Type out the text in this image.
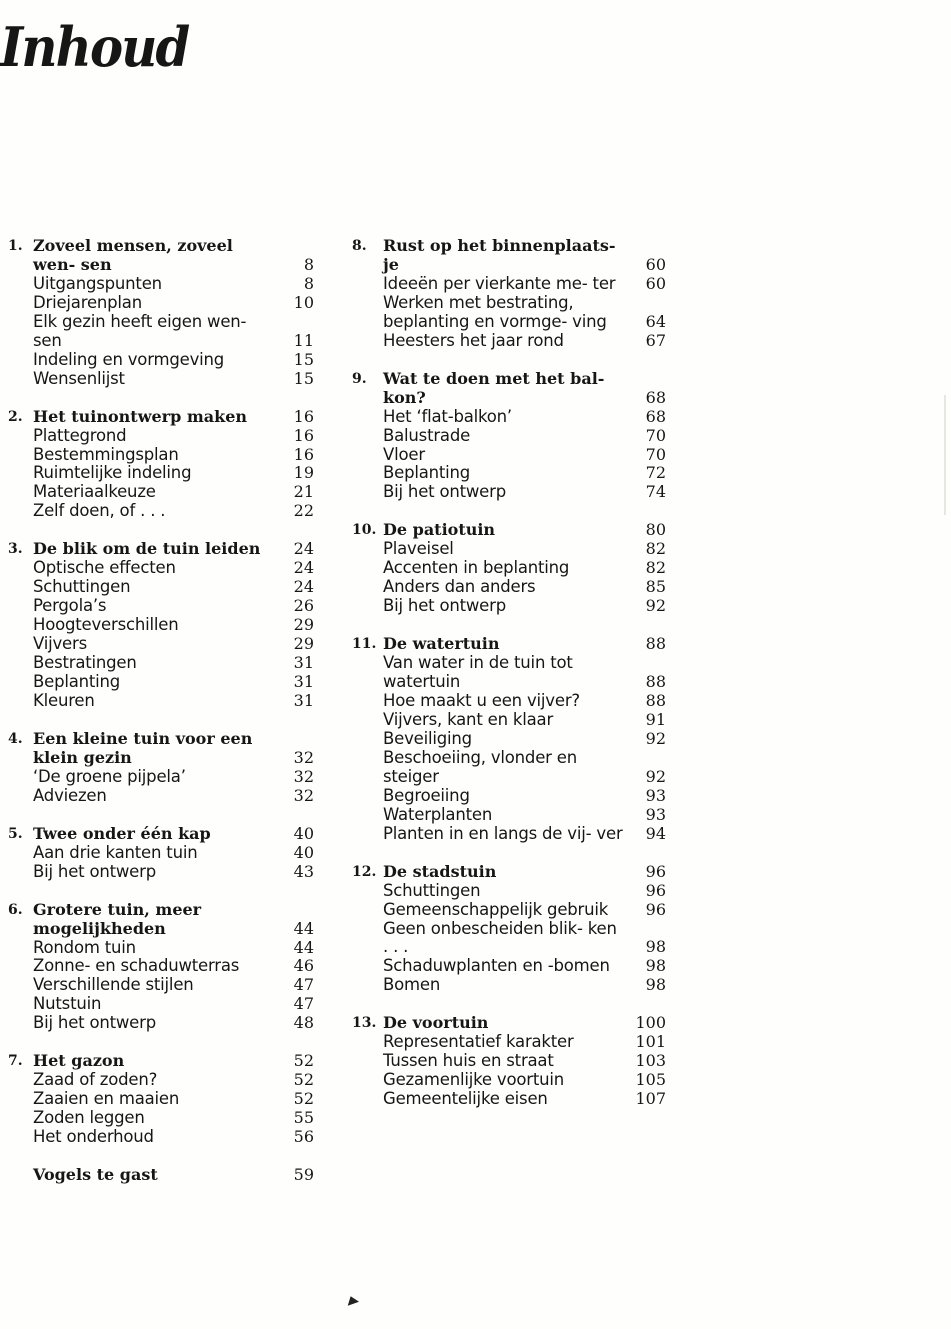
Inhoud
1. Zoveel mensen, zoveel wen- sen	8
Uitgangspunten	8
Driejarenplan	10
Elk gezin heeft eigen wen- sen	11
Indeling en vormgeving	15
Wensenlijst	15
2. Het tuinontwerp maken	16
Plattegrond	16
Bestemmingsplan	16
Ruimtelijke indeling	19
Materiaalkeuze	21
Zelf doen, of . . .	22
3. De blik om de tuin leiden	24
Optische effecten	24
Schuttingen	24
Pergola’s	26
Hoogteverschillen	29
Vijvers	29
Bestratingen	31
Beplanting	31
Kleuren	31
4. Een kleine tuin voor een klein gezin	32
‘De groene pijpela’	32
Adviezen	32
5. Twee onder één kap	40
Aan drie kanten tuin	40
Bij het ontwerp	43
6. Grotere tuin, meer mogelijkheden	44
Rondom tuin	44
Zonne- en schaduwterras	46
Verschillende stijlen	47
Nutstuin	47
Bij het ontwerp	48
7. Het gazon	52
Zaad of zoden?	52
Zaaien en maaien	52
Zoden leggen	55
Het onderhoud	56
Vogels te gast	59
8. Rust op het binnenplaats- je	60
Ideeën per vierkante me- ter	60
Werken met bestrating, beplanting en vormge- ving	64
Heesters het jaar rond	67
9. Wat te doen met het bal- kon?	68
Het ‘flat-balkon’	68
Balustrade	70
Vloer	70
Beplanting	72
Bij het ontwerp	74
10. De patiotuin	80
Plaveisel	82
Accenten in beplanting	82
Anders dan anders	85
Bij het ontwerp	92
11. De watertuin	88
Van water in de tuin tot watertuin	88
Hoe maakt u een vijver?	88
Vijvers, kant en klaar	91
Beveiliging	92
Beschoeiing, vlonder en steiger	92
Begroeiing	93
Waterplanten	93
Planten in en langs de vij- ver 94
12. De stadstuin	96
Schuttingen	96
Gemeenschappelijk gebruik	96
Geen onbescheiden blik- ken . . .	98
Schaduwplanten en -bomen	98
Bomen	98
13. De voortuin	100
Representatief karakter	101
Tussen huis en straat	103
Gezamenlijke voortuin	105
Gemeentelijke eisen	107
